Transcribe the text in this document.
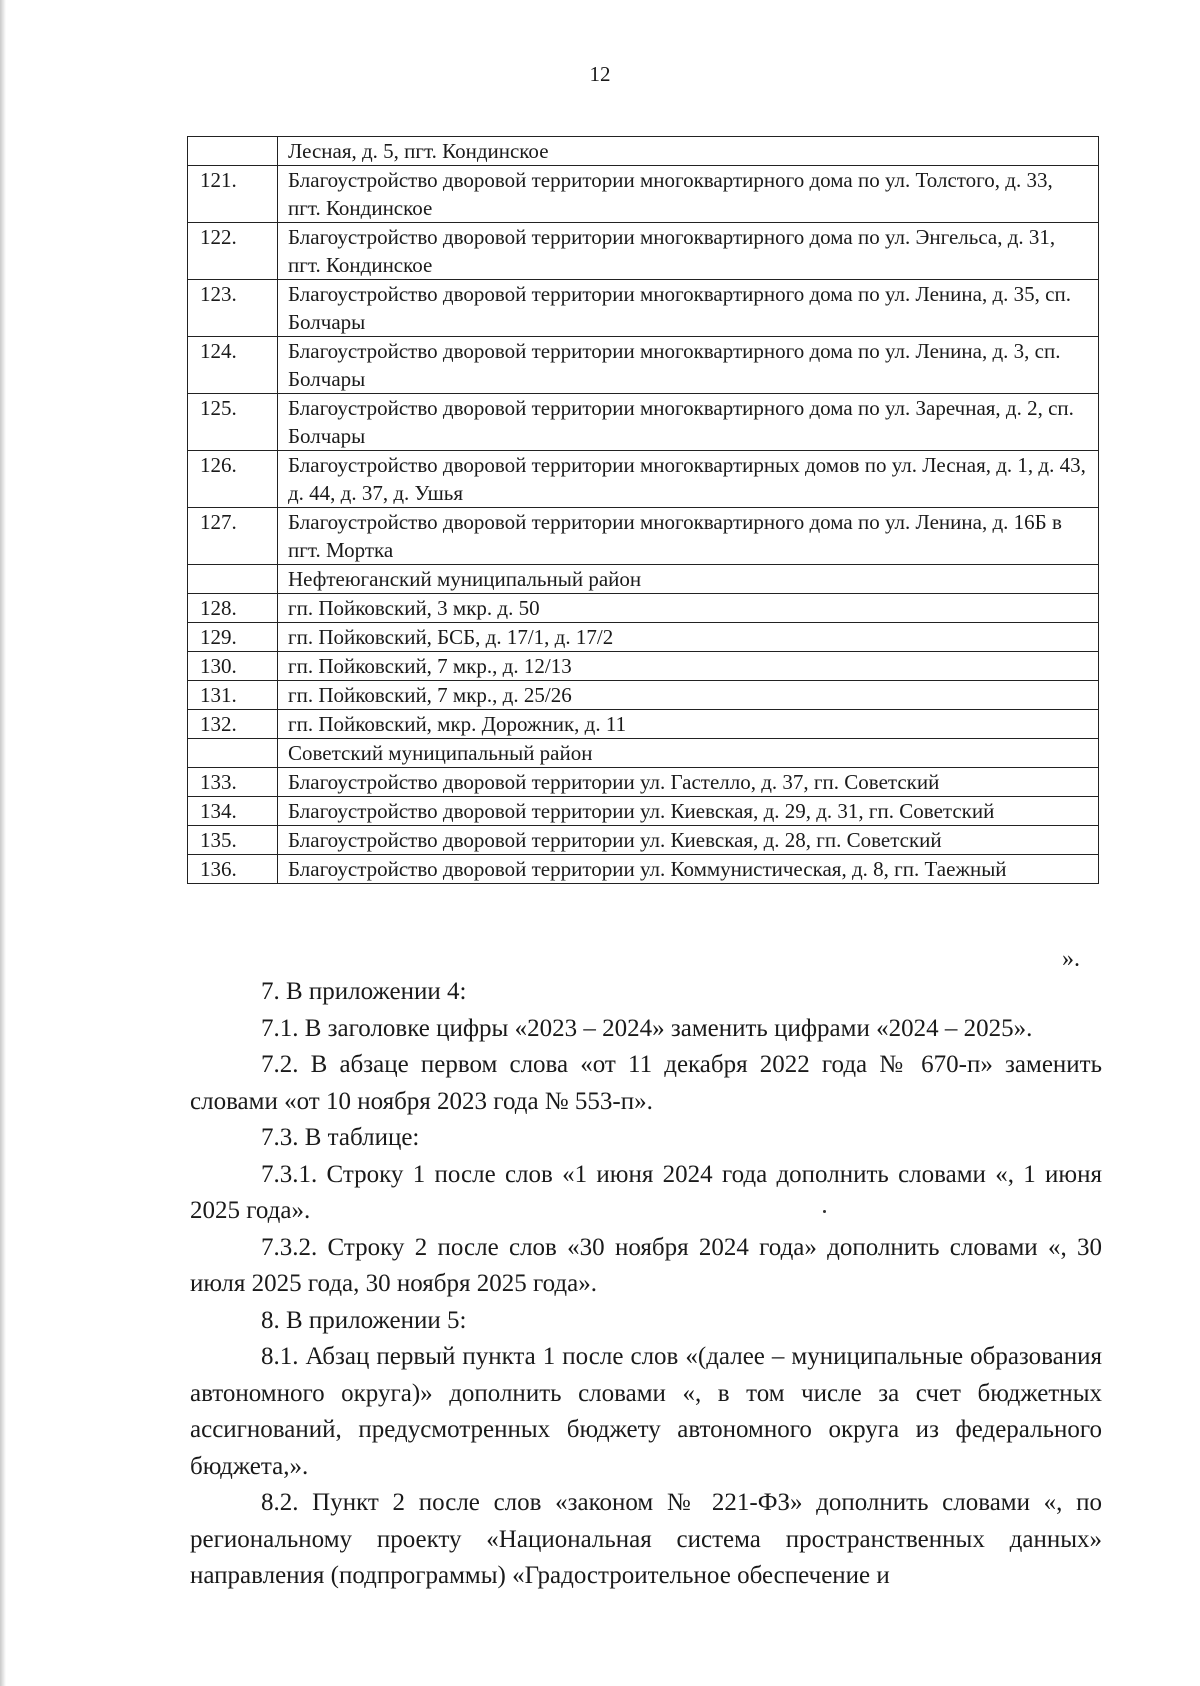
12
	Лесная, д. 5, пгт. Кондинское
121.	Благоустройство дворовой территории многоквартирного дома по ул. Толстого, д. 33, пгт. Кондинское
122.	Благоустройство дворовой территории многоквартирного дома по ул. Энгельса, д. 31, пгт. Кондинское
123.	Благоустройство дворовой территории многоквартирного дома по ул. Ленина, д. 35, сп. Болчары
124.	Благоустройство дворовой территории многоквартирного дома по ул. Ленина, д. 3, сп. Болчары
125.	Благоустройство дворовой территории многоквартирного дома по ул. Заречная, д. 2, сп. Болчары
126.	Благоустройство дворовой территории многоквартирных домов по ул. Лесная, д. 1, д. 43, д. 44, д. 37, д. Ушья
127.	Благоустройство дворовой территории многоквартирного дома по ул. Ленина, д. 16Б в пгт. Мортка
	Нефтеюганский муниципальный район
128.	гп. Пойковский, 3 мкр. д. 50
129.	гп. Пойковский, БСБ, д. 17/1, д. 17/2
130.	гп. Пойковский, 7 мкр., д. 12/13
131.	гп. Пойковский, 7 мкр., д. 25/26
132.	гп. Пойковский, мкр. Дорожник, д. 11
	Советский муниципальный район
133.	Благоустройство дворовой территории ул. Гастелло, д. 37, гп. Советский
134.	Благоустройство дворовой территории ул. Киевская, д. 29, д. 31, гп. Советский
135.	Благоустройство дворовой территории ул. Киевская, д. 28, гп. Советский
136.	Благоустройство дворовой территории ул. Коммунистическая, д. 8, гп. Таежный
».

7. В приложении 4:

7.1. В заголовке цифры «2023 – 2024» заменить цифрами «2024 – 2025».

7.2. В абзаце первом слова «от 11 декабря 2022 года № 670-п» заменить словами «от 10 ноября 2023 года № 553-п».

7.3. В таблице:

7.3.1. Строку 1 после слов «1 июня 2024 года дополнить словами «, 1 июня 2025 года».

7.3.2. Строку 2 после слов «30 ноября 2024 года» дополнить словами «, 30 июля 2025 года, 30 ноября 2025 года».

8. В приложении 5:

8.1. Абзац первый пункта 1 после слов «(далее – муниципальные образования автономного округа)» дополнить словами «, в том числе за счет бюджетных ассигнований, предусмотренных бюджету автономного округа из федерального бюджета,».

8.2. Пункт 2 после слов «законом № 221-ФЗ» дополнить словами «, по региональному проекту «Национальная система пространственных данных» направления (подпрограммы) «Градостроительное обеспечение и
